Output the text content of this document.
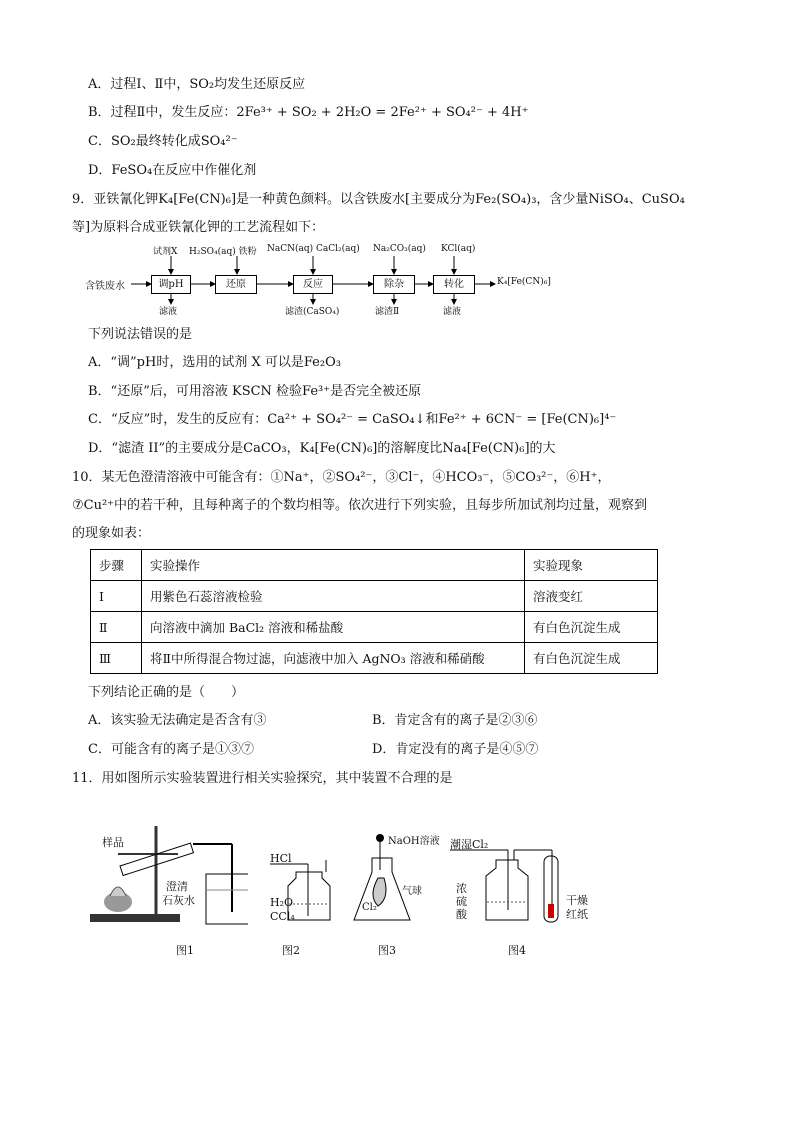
A．过程Ⅰ、Ⅱ中，SO₂均发生还原反应
B．过程Ⅱ中，发生反应：2Fe³⁺ + SO₂ + 2H₂O = 2Fe²⁺ + SO₄²⁻ + 4H⁺
C．SO₂最终转化成SO₄²⁻
D．FeSO₄在反应中作催化剂
9．亚铁氰化钾K₄[Fe(CN)₆]是一种黄色颜料。以含铁废水[主要成分为Fe₂(SO₄)₃，含少量NiSO₄、CuSO₄
等]为原料合成亚铁氰化钾的工艺流程如下：
含铁废水	调pH	还原	反应	除杂	转化	K₄[Fe(CN)₆]
试剂X H₂SO₄(aq) 铁粉 NaCN(aq) CaCl₂(aq) Na₂CO₃(aq) KCl(aq)
滤液	滤渣(CaSO₄)	滤渣Ⅱ	滤液
下列说法错误的是
A．“调”pH时，选用的试剂 X 可以是Fe₂O₃
B．“还原”后，可用溶液 KSCN 检验Fe³⁺是否完全被还原
C．“反应”时，发生的反应有：Ca²⁺ + SO₄²⁻ = CaSO₄↓和Fe²⁺ + 6CN⁻ = [Fe(CN)₆]⁴⁻
D．“滤渣 II”的主要成分是CaCO₃，K₄[Fe(CN)₆]的溶解度比Na₄[Fe(CN)₆]的大
10．某无色澄清溶液中可能含有：①Na⁺，②SO₄²⁻，③Cl⁻，④HCO₃⁻，⑤CO₃²⁻，⑥H⁺，
⑦Cu²⁺中的若干种，且每种离子的个数均相等。依次进行下列实验，且每步所加试剂均过量，观察到
的现象如表：
步骤	实验操作	实验现象
Ⅰ	用紫色石蕊溶液检验	溶液变红
Ⅱ	向溶液中滴加 BaCl₂ 溶液和稀盐酸	有白色沉淀生成
Ⅲ	将Ⅱ中所得混合物过滤，向滤液中加入 AgNO₃ 溶液和稀硝酸	有白色沉淀生成
下列结论正确的是（　　）
A．该实验无法确定是否含有③	B．肯定含有的离子是②③⑥
C．可能含有的离子是①③⑦	D．肯定没有的离子是④⑤⑦
11．用如图所示实验装置进行相关实验探究，其中装置不合理的是
样品
澄清
石灰水
HCl
H₂O
CCl₄
NaOH溶液
气球
Cl₂
潮湿Cl₂
浓
硫
酸
干燥
红纸
图1	图2	图3	图4
